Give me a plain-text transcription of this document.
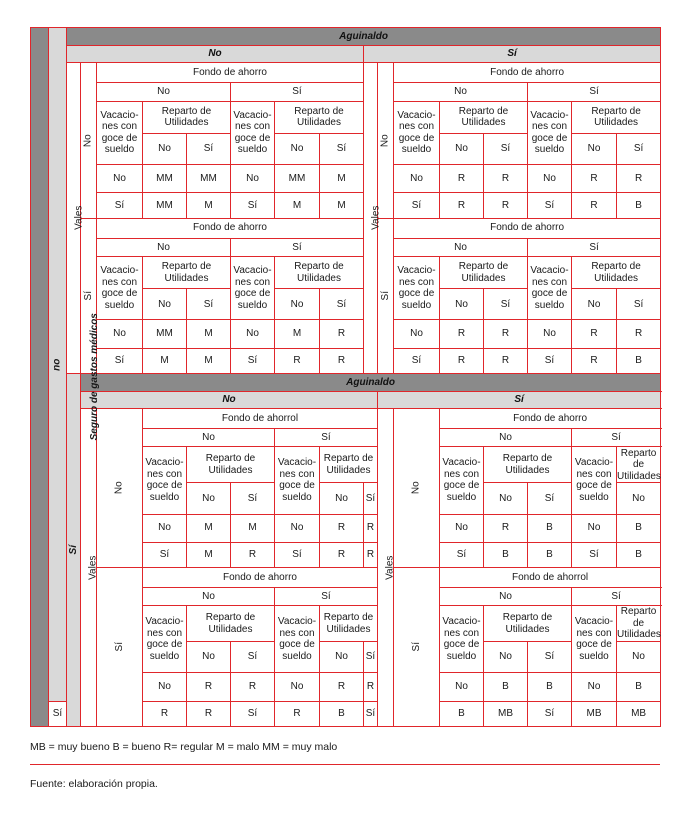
Seguro de gastos médicos	no	Aguinaldo																
		No								Sí								
		Vales	No	Fondo de ahorro						Vales	No	Fondo de ahorro						
				No			Sí					No			Sí			
				Vacacio-nes con goce de sueldo	Reparto de Utilidades		Vacacio-nes con goce de sueldo	Reparto de Utilidades				Vacacio-nes con goce de sueldo	Reparto de Utilidades		Vacacio-nes con goce de sueldo	Reparto de Utilidades		
					No	Sí		No	Sí				No	Sí		No	Sí	
				No	MM	MM	No	MM	M			No	R	R	No	R	R	
				Sí	MM	M	Sí	M	M			Sí	R	R	Sí	R	B	
			Sí	Fondo de ahorro							Sí	Fondo de ahorro						
				No			Sí					No			Sí			
				Vacacio-nes con goce de sueldo	Reparto de Utilidades		Vacacio-nes con goce de sueldo	Reparto de Utilidades				Vacacio-nes con goce de sueldo	Reparto de Utilidades		Vacacio-nes con goce de sueldo	Reparto de Utilidades		
					No	Sí		No	Sí				No	Sí		No	Sí	
				No	MM	M	No	M	R			No	R	R	No	R	R	
				Sí	M	M	Sí	R	R			Sí	R	R	Sí	R	B	
		Sí	Aguinaldo															
			No								Sí							
			Vales	No	Fondo de ahorrol						Vales	No	Fondo de ahorro					
					No			Sí					No			Sí		
					Vacacio-nes con goce de sueldo	Reparto de Utilidades		Vacacio-nes con goce de sueldo	Reparto de Utilidades				Vacacio-nes con goce de sueldo	Reparto de Utilidades		Vacacio-nes con goce de sueldo	Reparto de Utilidades	
						No	Sí		No	Sí				No	Sí		No	
					No	M	M	No	R	R			No	R	B	No	B	
					Sí	M	R	Sí	R	R			Sí	B	B	Sí	B	
				Sí	Fondo de ahorro							Sí	Fondo de ahorrol					
					No			Sí					No			Sí		
					Vacacio-nes con goce de sueldo	Reparto de Utilidades		Vacacio-nes con goce de sueldo	Reparto de Utilidades				Vacacio-nes con goce de sueldo	Reparto de Utilidades		Vacacio-nes con goce de sueldo	Reparto de Utilidades	
						No	Sí		No	Sí				No	Sí		No	
					No	R	R	No	R	R			No	B	B	No	B	
	Sí				R	R	Sí	R	B	Sí			B	MB	Sí	MB	MB	
MB = muy bueno B = bueno R= regular M = malo MM = muy malo
Fuente: elaboración propia.
